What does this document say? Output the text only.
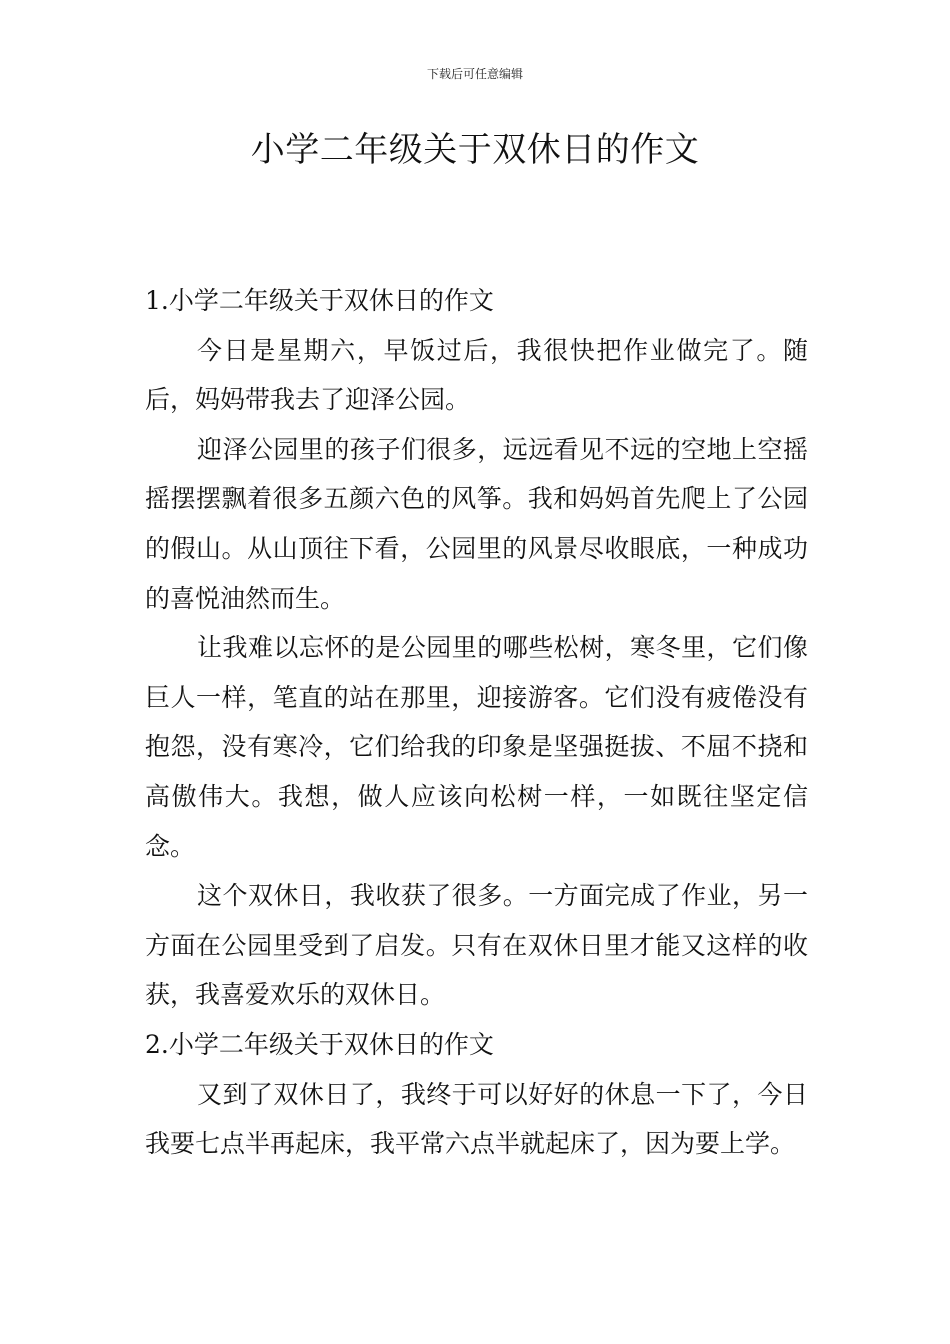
下载后可任意编辑
小学二年级关于双休日的作文

1.小学二年级关于双休日的作文

今日是星期六，早饭过后，我很快把作业做完了。随后，妈妈带我去了迎泽公园。

迎泽公园里的孩子们很多，远远看见不远的空地上空摇摇摆摆飘着很多五颜六色的风筝。我和妈妈首先爬上了公园的假山。从山顶往下看，公园里的风景尽收眼底，一种成功的喜悦油然而生。

让我难以忘怀的是公园里的哪些松树，寒冬里，它们像巨人一样，笔直的站在那里，迎接游客。它们没有疲倦没有抱怨，没有寒冷，它们给我的印象是坚强挺拔、不屈不挠和高傲伟大。我想，做人应该向松树一样，一如既往坚定信念。

这个双休日，我收获了很多。一方面完成了作业，另一方面在公园里受到了启发。只有在双休日里才能又这样的收获，我喜爱欢乐的双休日。

2.小学二年级关于双休日的作文

又到了双休日了，我终于可以好好的休息一下了，今日我要七点半再起床，我平常六点半就起床了，因为要上学。
